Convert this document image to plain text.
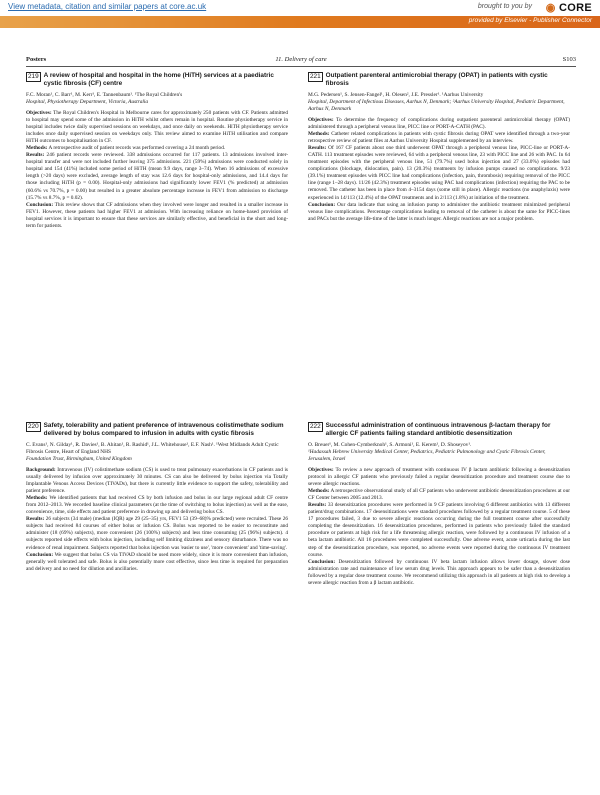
View metadata, citation and similar papers at core.ac.uk	brought to you by ◉ CORE
provided by Elsevier - Publisher Connector
Posters	11. Delivery of care	S103
219 A review of hospital and hospital in the home (HiTH) services at a paediatric cystic fibrosis (CF) centre
F.C. Moran¹, C. Barr¹, M. Kerr¹, E. Tannenbaum¹. ¹The Royal Children's
Hospital, Physiotherapy Department, Victoria, Australia

Objectives: The Royal Children's Hospital in Melbourne cares for approximately 250 patients with CF. Patients admitted to hospital may spend some of the admission in HiTH whilst others remain in hospital. Routine physiotherapy service in hospital includes twice daily supervised sessions on weekdays, and once daily on weekends. HiTH physiotherapy service includes once daily supervised session on weekdays only. This review aimed to examine HiTH utilisation and compare HiTH outcomes to hospitalisation in CF.

Methods: A retrospective audit of patient records was performed covering a 24 month period.

Results: 246 patient records were reviewed. 338 admissions occurred for 117 patients. 13 admissions involved inter-hospital transfer and were not included further leaving 375 admissions. 221 (59%) admissions were conducted solely in hospital and 154 (41%) included some period of HiTH (mean 9.9 days, range 3–74). When 16 admissions of excessive length (>20 days) were excluded, average length of stay was 12.6 days for hospital-only admissions, and 14.4 days for those including HiTH (p = 0.00). Hospital-only admissions had significantly lower FEV1 (% predicted) at admission (60.6% vs 70.7%, p = 0.00) but resulted in a greater absolute percentage increase in FEV1 from admission to discharge (15.7% vs 8.7%, p = 0.02).

Conclusion: This review shows that CF admissions when they involved were longer and resulted in a smaller increase in FEV1. However, these patients had higher FEV1 at admission. With increasing reliance on home-based provision of hospital services it is important to ensure that these services are similarly effective, and beneficial in the short and long-term for patients.

221 Outpatient parenteral antimicrobial therapy (OPAT) in patients with cystic fibrosis
M.G. Pedersen¹, S. Jensen-Fangel¹, H. Olesen², J.E. Pressler¹. ¹Aarhus University
Hospital, Department of Infectious Diseases, Aarhus N, Denmark; ²Aarhus University Hospital, Pediatric Department, Aarhus N, Denmark

Objectives: To determine the frequency of complications during outpatient parenteral antimicrobial therapy (OPAT) administered through a peripheral venous line, PICC line or PORT-A-CATH (PAC).

Methods: Catheter related complications in patients with cystic fibrosis during OPAT were identified through a two-year retrospective review of patient files at Aarhus University Hospital supplemented by an interview.

Results: Of 167 CF patients about one third underwent OPAT through a peripheral venous line, PICC-line or PORT-A-CATH. 113 treatment episodes were reviewed, 64 with a peripheral venous line, 23 with PICC line and 26 with PAC. In 64 treatment episodes with the peripheral venous line, 51 (79.7%) used bolus injection and 27 (33.0%) episodes had complications (blockage, dislocation, pain). 13 (20.3%) treatments by infusion pumps caused no complications. 9/23 (39.1%) treatment episodes with PICC line had complications (infection, pain, thrombosis) requiring removal of the PICC line (range 1–28 days). 11/26 (42.3%) treatment episodes using PAC had complications (infection) requiring the PAC to be removed. The catheter has been in place from 4–3154 days (some still in place). Allergic reactions (no anaphylaxis) were experienced in 14/113 (12.4%) of the OPAT treatments and in 2/113 (1.8%) at initiation of the treatment.

Conclusion: Our data indicate that using an infusion pump to administer the antibiotic treatment minimized peripheral venous line complications. Percentage complications leading to removal of the catheter is about the same for PICC-lines and PACs but the average life-time of the latter is much longer. Allergic reactions are not a major problem.

220 Safety, tolerability and patient preference of intravenous colistimethate sodium delivered by bolus compared to infusion in adults with cystic fibrosis
C. Evans¹, N. Gilday¹, R. Davies¹, B. Ahitan¹, R. Rashid¹, J.L. Whitehouse¹, E.F. Nash¹. ¹West Midlands Adult Cystic Fibrosis Centre, Heart of England NHS
Foundation Trust, Birmingham, United Kingdom

Background: Intravenous (IV) colistimethate sodium (CS) is used to treat pulmonary exacerbations in CF patients and is usually delivered by infusion over approximately 30 minutes. CS can also be delivered by bolus injection via Totally Implantable Venous Access Devices (TIVADs), but there is currently little evidence to support the safety, tolerability and patient preference.

Methods: We identified patients that had received CS by both infusion and bolus in our large regional adult CF centre from 2012–2013. We recorded baseline clinical parameters (at the time of switching to bolus injection) as well as the ease, convenience, time, side effects and patient preference in drawing up and delivering bolus CS.

Results: 26 subjects (34 male) (median (IQR) age 29 (25–35) yrs, FEV1 53 (39–68)% predicted) were recruited. These 26 subjects had received 84 courses of either bolus or infusion CS. Bolus was reported to be easier to reconstitute and administer (18 (69%) subjects), more convenient (26 (100%) subjects) and less time consuming (25 (96%) subjects). 4 subjects reported side effects with bolus injection, including self limiting dizziness and sensory disturbance. There was no evidence of renal impairment. Subjects reported that bolus injection was 'easier to use', 'more convenient' and 'time-saving'.

Conclusion: We suggest that bolus CS via TIVAD should be used more widely, since it is more convenient than infusion, generally well tolerated and safe. Bolus is also potentially more cost effective, since less time is required for preparation and delivery and no need for dilution and ancillaries.

222 Successful administration of continuous intravenous β-lactam therapy for allergic CF patients failing standard antibiotic desensitization
O. Breuer¹, M. Cohen-Cymberknoh¹, S. Armoni¹, E. Kerem¹, D. Shoseyov¹.
¹Hadassah Hebrew University Medical Center, Pediatrics, Pediatric Pulmonology and Cystic Fibrosis Center, Jerusalem, Israel

Objectives: To review a new approach of treatment with continuous IV β lactam antibiotic following a desensitization protocol in allergic CF patients who previously failed a regular desensitization procedure and treatment course due to severe allergic reactions.

Methods: A retrospective observational study of all CF patients who underwent antibiotic desensitization procedures at our CF Center between 2005 and 2013.

Results: 33 desensitization procedures were performed in 9 CF patients involving 6 different antibiotics with 13 different patient/drug combinations. 17 desensitizations were standard procedures followed by a regular treatment course. 5 of these 17 procedures failed, 3 due to severe allergic reactions occurring during the full treatment course after successfully completing the desensitization. 16 desensitization procedures, performed in patients who previously failed the standard procedure or patients at high risk for a life threatening allergic reaction, were followed by a continuous IV infusion of a beta lactam antibiotic. All 16 procedures were completed successfully. One adverse event, acute urticaria during the last step of the desensitization procedure, was reported, no adverse events were reported during the continuous IV treatment course.

Conclusion: Desensitization followed by continuous IV beta lactam infusion allows lower dosage, slower dose administration rate and maintenance of low serum drug levels. This approach appears to be safer than a desensitization followed by a regular dose treatment course. We recommend utilizing this approach in all patients at high risk to develop a severe allergic reaction from a β lactam antibiotic.
